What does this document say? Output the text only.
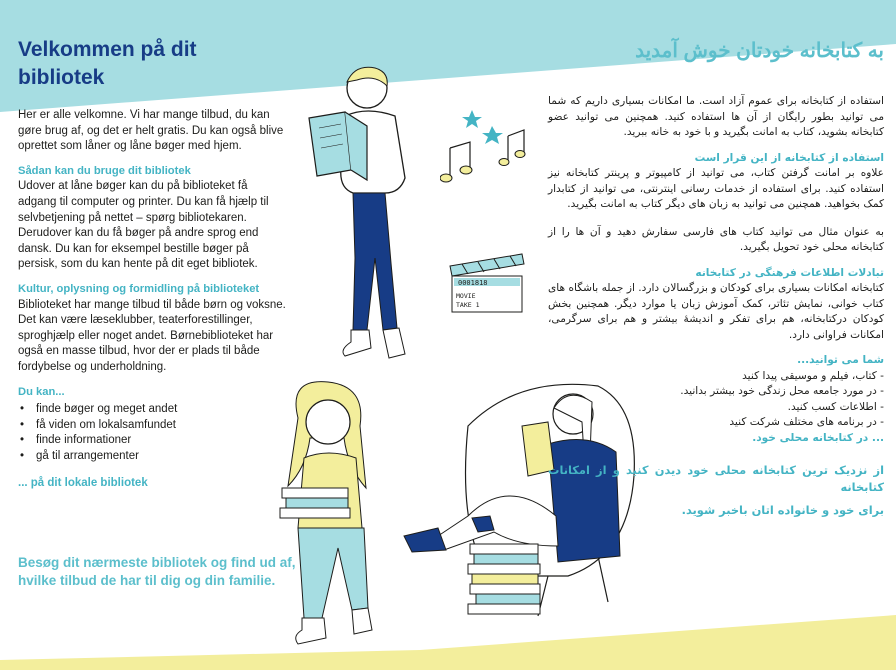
Velkommen på dit bibliotek

Her er alle velkomne. Vi har mange tilbud, du kan gøre brug af, og det er helt gratis. Du kan også blive oprettet som låner og låne bøger med hjem.

Sådan kan du bruge dit bibliotek

Udover at låne bøger kan du på biblioteket få adgang til computer og printer. Du kan få hjælp til selvbetjening på nettet – spørg bibliotekaren. Derudover kan du få bøger på andre sprog end dansk. Du kan for eksempel bestille bøger på persisk, som du kan hente på dit eget bibliotek.

Kultur, oplysning og formidling på biblioteket

Biblioteket har mange tilbud til både børn og voksne. Det kan være læseklubber, teaterforestillinger, sproghjælp eller noget andet. Børnebiblioteket har også en masse tilbud, hvor der er plads til både fordybelse og underholdning.

Du kan...

• finde bøger og meget andet
• få viden om lokalsamfundet
• finde informationer
• gå til arrangementer

... på dit lokale bibliotek

Besøg dit nærmeste bibliotek og find ud af, hvilke tilbud de har til dig og din familie.

0001818
MOVIE
TAKE 1
به کتابخانه خودتان خوش آمدید

استفاده از کتابخانه برای عموم آزاد است. ما امکانات بسیاری داریم که شما می توانید بطور رایگان از آن ها استفاده کنید. همچنین می توانید عضو کتابخانه بشوید، کتاب به امانت بگیرید و با خود به خانه ببرید.

استفاده از کتابخانه از این قرار است

علاوه بر امانت گرفتن کتاب، می توانید از کامپیوتر و پرینتر کتابخانه نیز استفاده کنید. برای استفاده از خدمات رسانی اینترنتی، می توانید از کتابدار کمک بخواهید. همچنین می توانید به زبان های دیگر کتاب به امانت بگیرید.

به عنوان مثال می توانید کتاب های فارسی سفارش دهید و آن ها را از کتابخانه محلی خود تحویل بگیرید.

تبادلات اطلاعات فرهنگی در کتابخانه

کتابخانه امکانات بسیاری برای کودکان و بزرگسالان دارد. از جمله باشگاه های کتاب خوانی، نمایش تئاتر، کمک آموزش زبان یا موارد دیگر. همچنین بخش کودکان درکتابخانه، هم برای تفکر و اندیشهٔ بیشتر و هم برای سرگرمی، امکانات فراوانی دارد.

شما می توانید...

- کتاب، فیلم و موسیقی پیدا کنید
- در مورد جامعه محل زندگی خود بیشتر بدانید.
- اطلاعات کسب کنید.
- در برنامه های مختلف شرکت کنید

... در کتابخانه محلی خود.

از نزدیک ترین کتابخانه محلی خود دیدن کنید و از امکانات کتابخانه

برای خود و خانواده اتان باخبر شوید.
